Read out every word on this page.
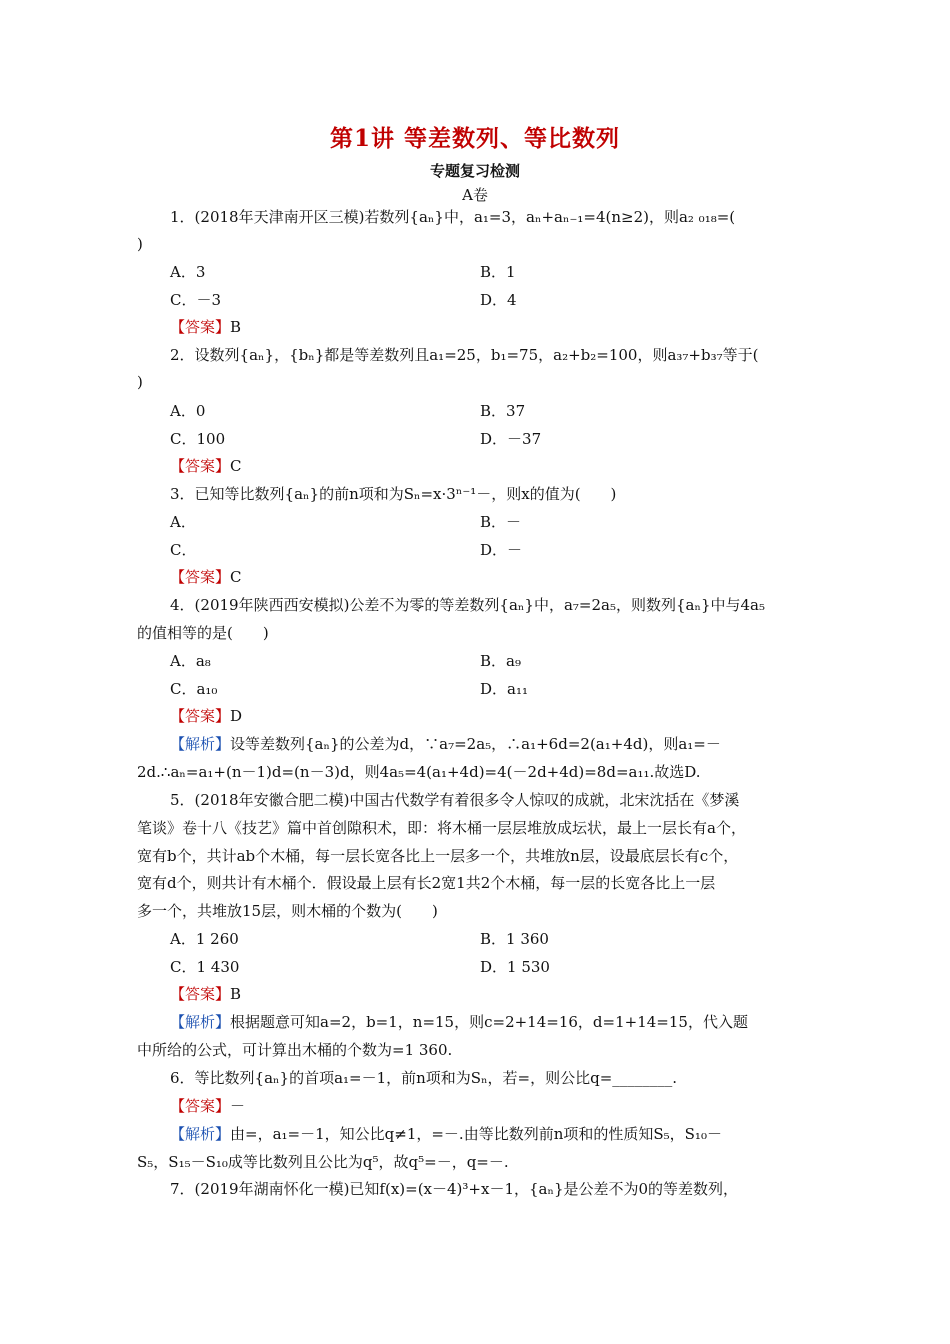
第1讲 等差数列、等比数列
专题复习检测
A卷
1．(2018年天津南开区三模)若数列{aₙ}中，a₁=3，aₙ+aₙ₋₁=4(n≥2)，则a₂ ₀₁₈=(
)
A．3	B．1
C．－3	D．4
【答案】B
2．设数列{aₙ}，{bₙ}都是等差数列且a₁=25，b₁=75，a₂+b₂=100，则a₃₇+b₃₇等于(
)
A．0	B．37
C．100	D．－37
【答案】C
3．已知等比数列{aₙ}的前n项和为Sₙ=x·3ⁿ⁻¹－，则x的值为(　　)
A．	B．－
C．	D．－
【答案】C
4．(2019年陕西西安模拟)公差不为零的等差数列{aₙ}中，a₇=2a₅，则数列{aₙ}中与4a₅
的值相等的是(　　)
A．a₈	B．a₉
C．a₁₀	D．a₁₁
【答案】D
【解析】设等差数列{aₙ}的公差为d，∵a₇=2a₅，∴a₁+6d=2(a₁+4d)，则a₁=－
2d.∴aₙ=a₁+(n－1)d=(n－3)d，则4a₅=4(a₁+4d)=4(－2d+4d)=8d=a₁₁.故选D.
5．(2018年安徽合肥二模)中国古代数学有着很多令人惊叹的成就，北宋沈括在《梦溪
笔谈》卷十八《技艺》篇中首创隙积术，即：将木桶一层层堆放成坛状，最上一层长有a个，
宽有b个，共计ab个木桶，每一层长宽各比上一层多一个，共堆放n层，设最底层长有c个，
宽有d个，则共计有木桶个．假设最上层有长2宽1共2个木桶，每一层的长宽各比上一层
多一个，共堆放15层，则木桶的个数为(　　)
A．1 260	B．1 360
C．1 430	D．1 530
【答案】B
【解析】根据题意可知a=2，b=1，n=15，则c=2+14=16，d=1+14=15，代入题
中所给的公式，可计算出木桶的个数为=1 360.
6．等比数列{aₙ}的首项a₁=－1，前n项和为Sₙ，若=，则公比q=________.
【答案】－
【解析】由=，a₁=－1，知公比q≠1，=－.由等比数列前n项和的性质知S₅，S₁₀－
S₅，S₁₅－S₁₀成等比数列且公比为q⁵，故q⁵=－，q=－.
7．(2019年湖南怀化一模)已知f(x)=(x－4)³+x－1，{aₙ}是公差不为0的等差数列，
